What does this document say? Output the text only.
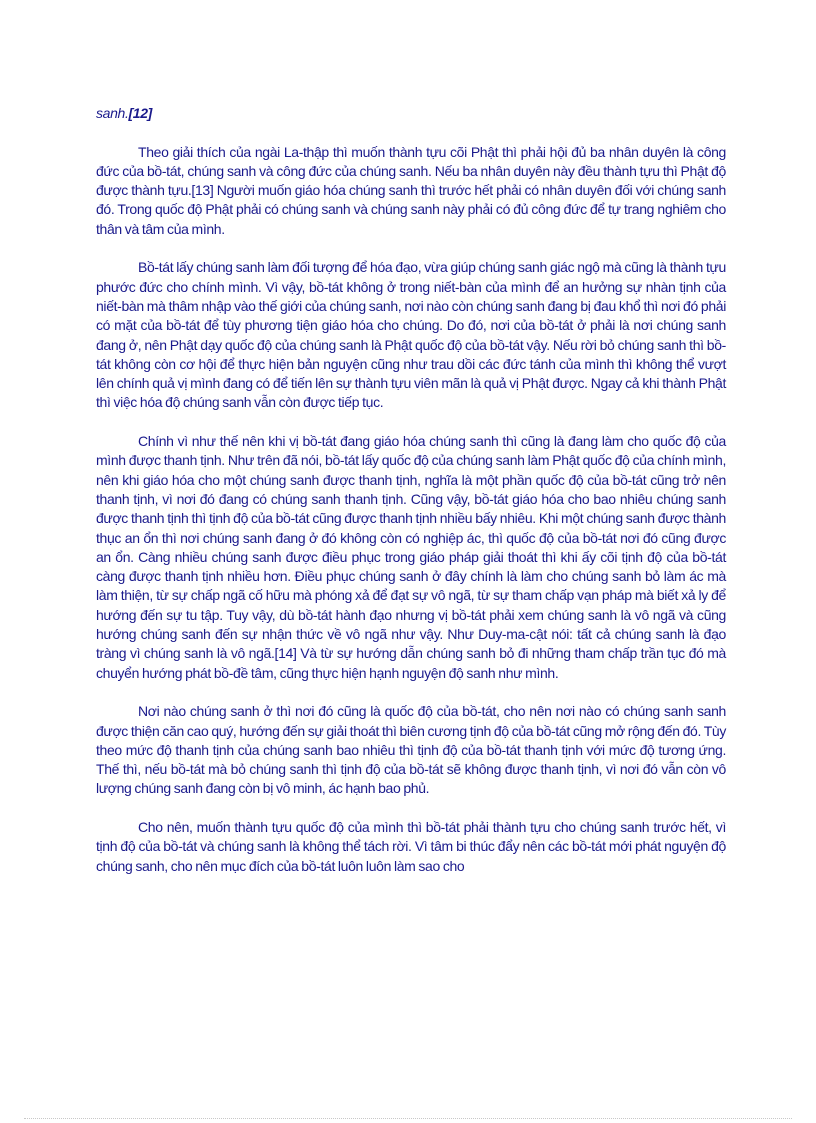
sanh.[12]

Theo giải thích của ngài La-thập thì muốn thành tựu cõi Phật thì phải hội đủ ba nhân duyên là công đức của bồ-tát, chúng sanh và công đức của chúng sanh. Nếu ba nhân duyên này đều thành tựu thì Phật độ được thành tựu.[13] Người muốn giáo hóa chúng sanh thì trước hết phải có nhân duyên đối với chúng sanh đó. Trong quốc độ Phật phải có chúng sanh và chúng sanh này phải có đủ công đức để tự trang nghiêm cho thân và tâm của mình.

Bồ-tát lấy chúng sanh làm đối tượng để hóa đạo, vừa giúp chúng sanh giác ngộ mà cũng là thành tựu phước đức cho chính mình. Vì vậy, bồ-tát không ở trong niết-bàn của mình để an hưởng sự nhàn tịnh của niết-bàn mà thâm nhập vào thế giới của chúng sanh, nơi nào còn chúng sanh đang bị đau khổ thì nơi đó phải có mặt của bồ-tát để tùy phương tiện giáo hóa cho chúng. Do đó, nơi của bồ-tát ở phải là nơi chúng sanh đang ở, nên Phật dạy quốc độ của chúng sanh là Phật quốc độ của bồ-tát vậy. Nếu rời bỏ chúng sanh thì bồ-tát không còn cơ hội để thực hiện bản nguyện cũng như trau dồi các đức tánh của mình thì không thể vượt lên chính quả vị mình đang có để tiến lên sự thành tựu viên mãn là quả vị Phật được. Ngay cả khi thành Phật thì việc hóa độ chúng sanh vẫn còn được tiếp tục.

Chính vì như thế nên khi vị bồ-tát đang giáo hóa chúng sanh thì cũng là đang làm cho quốc độ của mình được thanh tịnh. Như trên đã nói, bồ-tát lấy quốc độ của chúng sanh làm Phật quốc độ của chính mình, nên khi giáo hóa cho một chúng sanh được thanh tịnh, nghĩa là một phần quốc độ của bồ-tát cũng trở nên thanh tịnh, vì nơi đó đang có chúng sanh thanh tịnh. Cũng vậy, bồ-tát giáo hóa cho bao nhiêu chúng sanh được thanh tịnh thì tịnh độ của bồ-tát cũng được thanh tịnh nhiều bấy nhiêu. Khi một chúng sanh được thành thục an ổn thì nơi chúng sanh đang ở đó không còn có nghiệp ác, thì quốc độ của bồ-tát nơi đó cũng được an ổn. Càng nhiều chúng sanh được điều phục trong giáo pháp giải thoát thì khi ấy cõi tịnh độ của bồ-tát càng được thanh tịnh nhiều hơn. Điều phục chúng sanh ở đây chính là làm cho chúng sanh bỏ làm ác mà làm thiện, từ sự chấp ngã cố hữu mà phóng xả để đạt sự vô ngã, từ sự tham chấp vạn pháp mà biết xả ly để hướng đến sự tu tập. Tuy vậy, dù bồ-tát hành đạo nhưng vị bồ-tát phải xem chúng sanh là vô ngã và cũng hướng chúng sanh đến sự nhận thức về vô ngã như vậy. Như Duy-ma-cật nói: tất cả chúng sanh là đạo tràng vì chúng sanh là vô ngã.[14] Và từ sự hướng dẫn chúng sanh bỏ đi những tham chấp trần tục đó mà chuyển hướng phát bồ-đề tâm, cũng thực hiện hạnh nguyện độ sanh như mình.

Nơi nào chúng sanh ở thì nơi đó cũng là quốc độ của bồ-tát, cho nên nơi nào có chúng sanh sanh được thiện căn cao quý, hướng đến sự giải thoát thì biên cương tịnh độ của bồ-tát cũng mở rộng đến đó. Tùy theo mức độ thanh tịnh của chúng sanh bao nhiêu thì tịnh độ của bồ-tát thanh tịnh với mức độ tương ứng. Thế thì, nếu bồ-tát mà bỏ chúng sanh thì tịnh độ của bồ-tát sẽ không được thanh tịnh, vì nơi đó vẫn còn vô lượng chúng sanh đang còn bị vô minh, ác hạnh bao phủ.

Cho nên, muốn thành tựu quốc độ của mình thì bồ-tát phải thành tựu cho chúng sanh trước hết, vì tịnh độ của bồ-tát và chúng sanh là không thể tách rời. Vì tâm bi thúc đẩy nên các bồ-tát mới phát nguyện độ chúng sanh, cho nên mục đích của bồ-tát luôn luôn làm sao cho
